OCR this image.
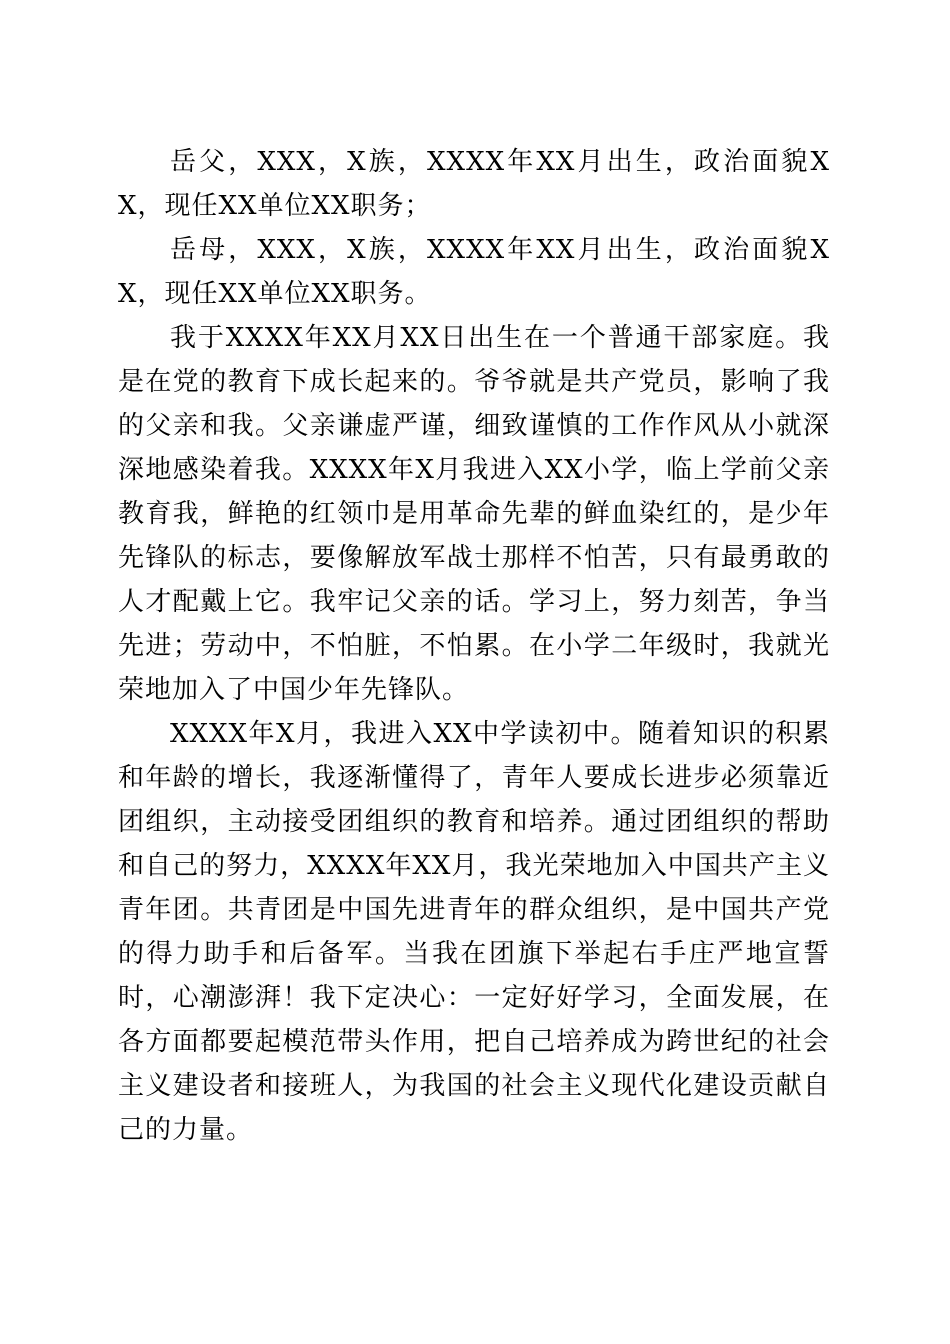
岳父，XXX，X族，XXXX年XX月出生，政治面貌XX，现任XX单位XX职务；

岳母，XXX，X族，XXXX年XX月出生，政治面貌XX，现任XX单位XX职务。

我于XXXX年XX月XX日出生在一个普通干部家庭。我是在党的教育下成长起来的。爷爷就是共产党员，影响了我的父亲和我。父亲谦虚严谨，细致谨慎的工作作风从小就深深地感染着我。XXXX年X月我进入XX小学，临上学前父亲教育我，鲜艳的红领巾是用革命先辈的鲜血染红的，是少年先锋队的标志，要像解放军战士那样不怕苦，只有最勇敢的人才配戴上它。我牢记父亲的话。学习上，努力刻苦，争当先进；劳动中，不怕脏，不怕累。在小学二年级时，我就光荣地加入了中国少年先锋队。

XXXX年X月，我进入XX中学读初中。随着知识的积累和年龄的增长，我逐渐懂得了，青年人要成长进步必须靠近团组织，主动接受团组织的教育和培养。通过团组织的帮助和自己的努力，XXXX年XX月，我光荣地加入中国共产主义青年团。共青团是中国先进青年的群众组织，是中国共产党的得力助手和后备军。当我在团旗下举起右手庄严地宣誓时，心潮澎湃！我下定决心：一定好好学习，全面发展，在各方面都要起模范带头作用，把自己培养成为跨世纪的社会主义建设者和接班人，为我国的社会主义现代化建设贡献自己的力量。
